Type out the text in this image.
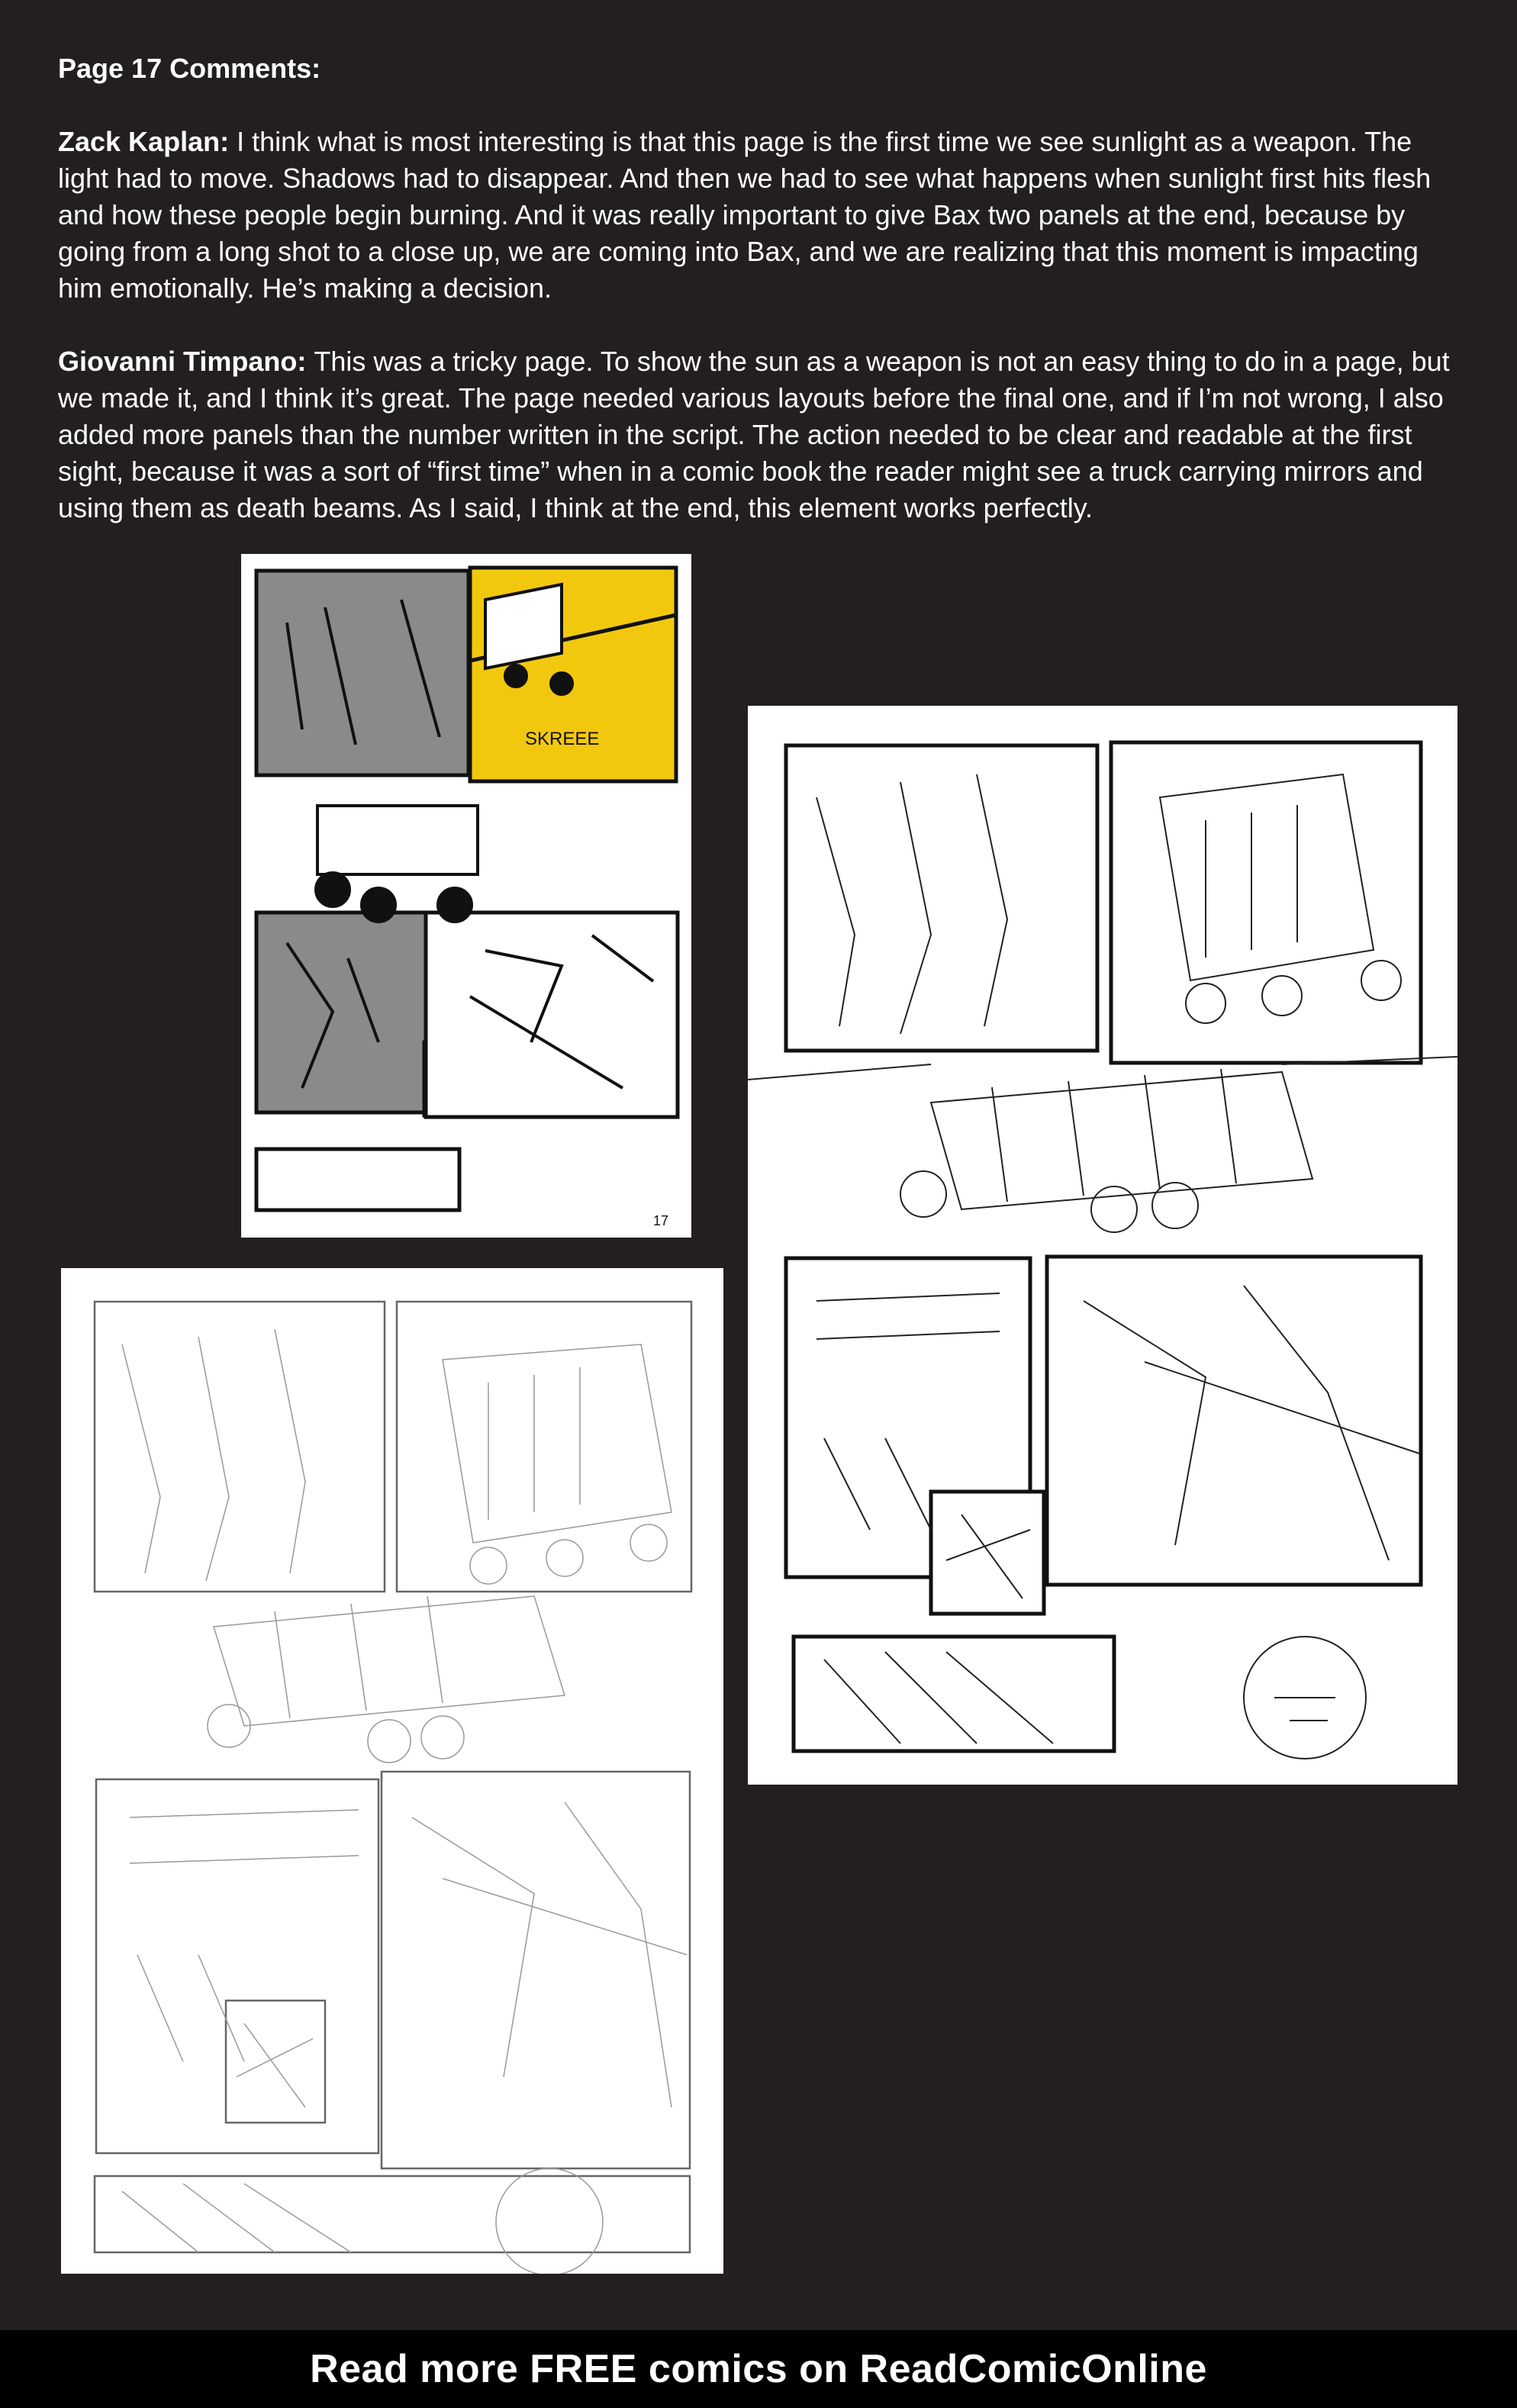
Page 17 Comments:
Zack Kaplan: I think what is most interesting is that this page is the first time we see sunlight as a weapon. The light had to move. Shadows had to disappear. And then we had to see what happens when sunlight first hits flesh and how these people begin burning. And it was really important to give Bax two panels at the end, because by going from a long shot to a close up, we are coming into Bax, and we are realizing that this moment is impacting him emotionally. He’s making a decision.
Giovanni Timpano: This was a tricky page. To show the sun as a weapon is not an easy thing to do in a page, but we made it, and I think it’s great. The page needed various layouts before the final one, and if I’m not wrong, I also added more panels than the number written in the script. The action needed to be clear and readable at the first sight, because it was a sort of “first time” when in a comic book the reader might see a truck carrying mirrors and using them as death beams. As I said, I think at the end, this element works perfectly.
SKREEE
17
Read more FREE comics on ReadComicOnline
